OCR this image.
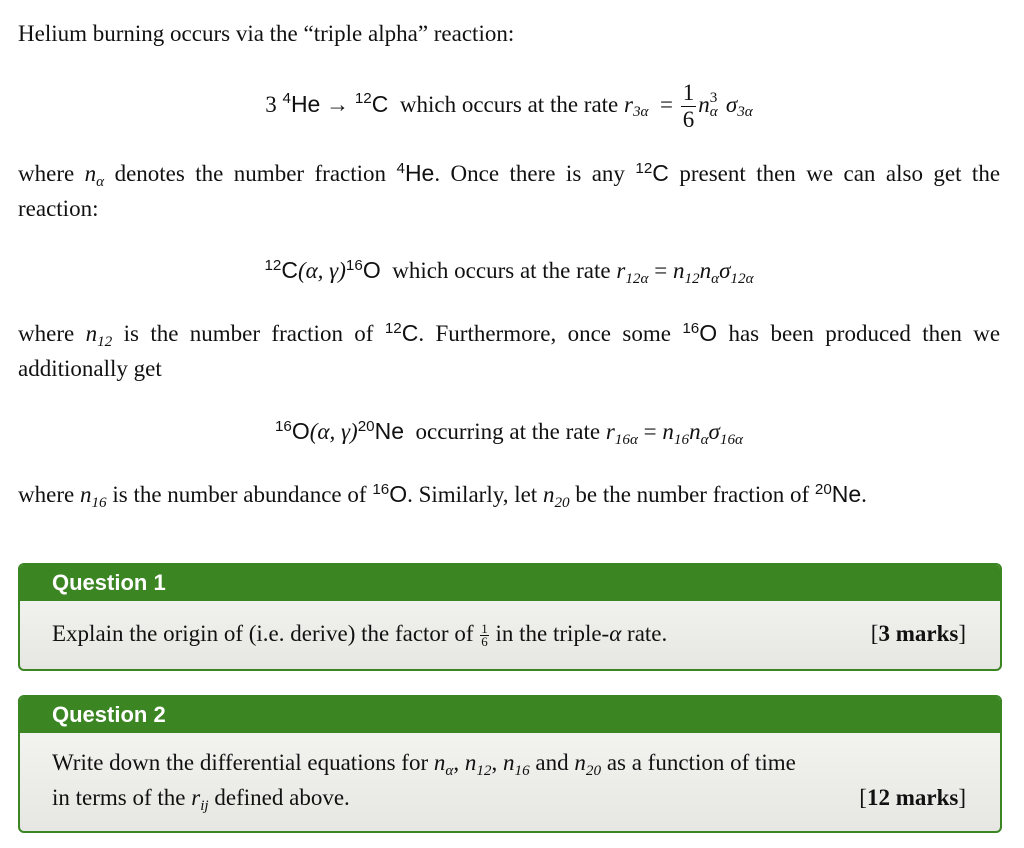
Helium burning occurs via the “triple alpha” reaction:

3 $^4$He → $^{12}$C which occurs at the rate $r_{3\alpha} = \frac{1}{6}$ n 3
α $\sigma_{3\alpha}$

where $n_\alpha$ denotes the number fraction $^4$He. Once there is any $^{12}$C present then we can also get the reaction:

$^{12}$C(α, γ)$^{16}$O which occurs at the rate $r_{12\alpha} = n_{12}n_\alpha\sigma_{12\alpha}$

where $n_{12}$ is the number fraction of $^{12}$C. Furthermore, once some $^{16}$O has been produced then we additionally get

$^{16}$O(α, γ)$^{20}$Ne occurring at the rate $r_{16\alpha} = n_{16}n_\alpha\sigma_{16\alpha}$

where $n_{16}$ is the number abundance of $^{16}$O. Similarly, let $n_{20}$ be the number fraction of $^{20}$Ne.

Question 1
[3 marks]
Explain the origin of (i.e. derive) the factor of $\frac{1}{6}$ in the triple-α rate.
Question 2
Write down the differential equations for $n_\alpha$, $n_{12}$, $n_{16}$ and $n_{20}$ as a function of time
[12 marks]
in terms of the $r_{ij}$ defined above.
